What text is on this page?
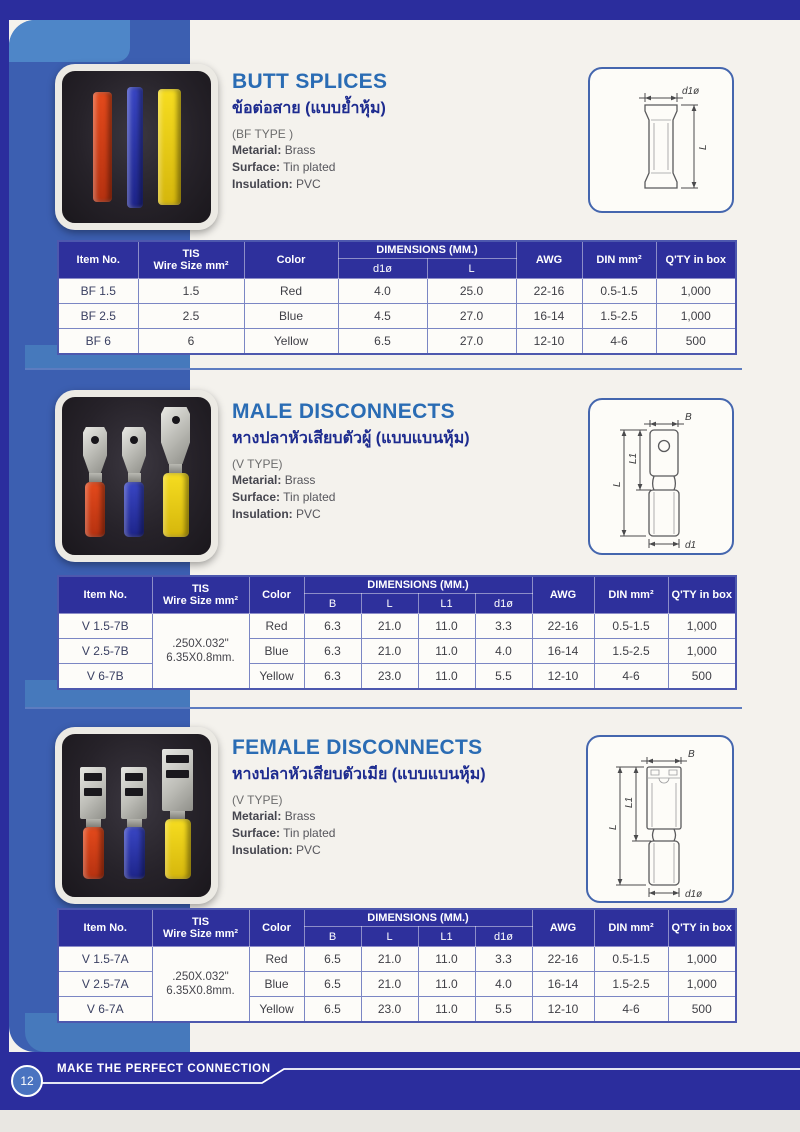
BUTT SPLICES
ข้อต่อสาย (แบบย้ำหุ้ม)
(BF TYPE )
Metarial: Brass
Surface: Tin plated
Insulation: PVC
d1ø
L
Item No.	TIS
Wire Size mm²	Color	DIMENSIONS (MM.)		AWG	DIN mm²	Q'TY in box
			d1ø	L			
BF 1.5	1.5	Red	4.0	25.0	22-16	0.5-1.5	1,000
BF 2.5	2.5	Blue	4.5	27.0	16-14	1.5-2.5	1,000
BF 6	6	Yellow	6.5	27.0	12-10	4-6	500
MALE DISCONNECTS
หางปลาหัวเสียบตัวผู้ (แบบแบนหุ้ม)
(V TYPE)
Metarial: Brass
Surface: Tin plated
Insulation: PVC
B
L1
L
d1
Item No.	TIS
Wire Size mm²	Color	DIMENSIONS (MM.)				AWG	DIN mm²	Q'TY in box
			B	L	L1	d1ø			
V 1.5-7B	.250X.032"
6.35X0.8mm.	Red	6.3	21.0	11.0	3.3	22-16	0.5-1.5	1,000
V 2.5-7B		Blue	6.3	21.0	11.0	4.0	16-14	1.5-2.5	1,000
V 6-7B		Yellow	6.3	23.0	11.0	5.5	12-10	4-6	500
FEMALE DISCONNECTS
หางปลาหัวเสียบตัวเมีย (แบบแบนหุ้ม)
(V TYPE)
Metarial: Brass
Surface: Tin plated
Insulation: PVC
B
L1
L
d1ø
Item No.	TIS
Wire Size mm²	Color	DIMENSIONS (MM.)				AWG	DIN mm²	Q'TY in box
			B	L	L1	d1ø			
V 1.5-7A	.250X.032"
6.35X0.8mm.	Red	6.5	21.0	11.0	3.3	22-16	0.5-1.5	1,000
V 2.5-7A		Blue	6.5	21.0	11.0	4.0	16-14	1.5-2.5	1,000
V 6-7A		Yellow	6.5	23.0	11.0	5.5	12-10	4-6	500
12
MAKE THE PERFECT CONNECTION
